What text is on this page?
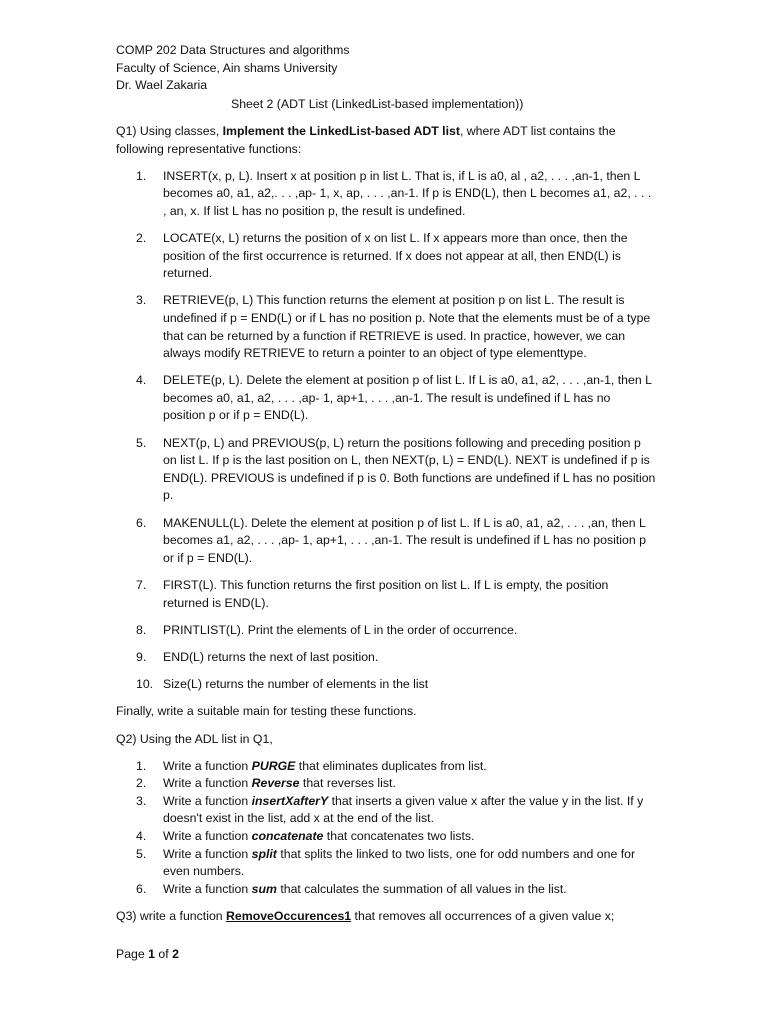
COMP 202 Data Structures and algorithms
Faculty of Science, Ain shams University
Dr. Wael Zakaria
Sheet 2 (ADT List (LinkedList-based implementation))
Q1) Using classes, Implement the LinkedList-based ADT list, where ADT list contains the following representative functions:
1.	INSERT(x, p, L). Insert x at position p in list L. That is, if L is a0, al , a2, . . . ,an-1, then L becomes a0, a1, a2,. . . ,ap- 1, x, ap, . . . ,an-1. If p is END(L), then L becomes a1, a2, . . . , an, x. If list L has no position p, the result is undefined.
2.	LOCATE(x, L) returns the position of x on list L. If x appears more than once, then the position of the first occurrence is returned. If x does not appear at all, then END(L) is returned.
3.	RETRIEVE(p, L) This function returns the element at position p on list L. The result is undefined if p = END(L) or if L has no position p. Note that the elements must be of a type that can be returned by a function if RETRIEVE is used. In practice, however, we can always modify RETRIEVE to return a pointer to an object of type elementtype.
4.	DELETE(p, L). Delete the element at position p of list L. If L is a0, a1, a2, . . . ,an-1, then L becomes a0, a1, a2, . . . ,ap- 1, ap+1, . . . ,an-1. The result is undefined if L has no position p or if p = END(L).
5.	NEXT(p, L) and PREVIOUS(p, L) return the positions following and preceding position p on list L. If p is the last position on L, then NEXT(p, L) = END(L). NEXT is undefined if p is END(L). PREVIOUS is undefined if p is 0. Both functions are undefined if L has no position p.
6.	MAKENULL(L). Delete the element at position p of list L. If L is a0, a1, a2, . . . ,an, then L becomes a1, a2, . . . ,ap- 1, ap+1, . . . ,an-1. The result is undefined if L has no position p or if p = END(L).
7.	FIRST(L). This function returns the first position on list L. If L is empty, the position returned is END(L).
8.	PRINTLIST(L). Print the elements of L in the order of occurrence.
9.	END(L) returns the next of last position.
10. Size(L) returns the number of elements in the list
Finally, write a suitable main for testing these functions.
Q2) Using the ADL list in Q1,
1.	Write a function PURGE that eliminates duplicates from list.
2.	Write a function Reverse that reverses list.
3.	Write a function insertXafterY that inserts a given value x after the value y in the list. If y doesn't exist in the list, add x at the end of the list.
4.	Write a function concatenate that concatenates two lists.
5.	Write a function split that splits the linked to two lists, one for odd numbers and one for even numbers.
6.	Write a function sum that calculates the summation of all values in the list.
Q3) write a function RemoveOccurences1 that removes all occurrences of a given value x;
Page 1 of 2
